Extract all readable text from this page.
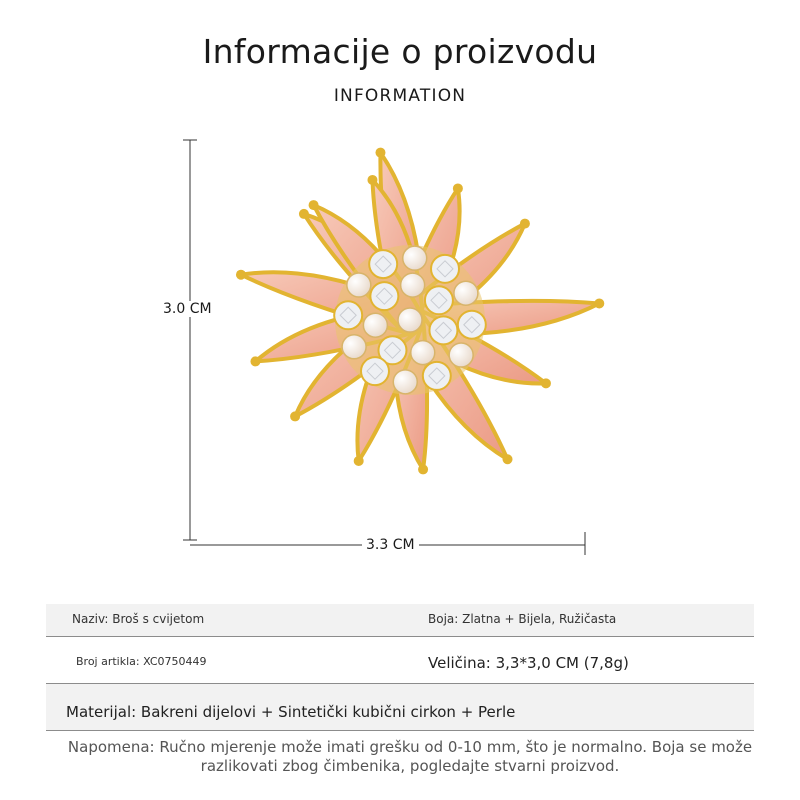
Informacije o proizvodu
INFORMATION
3.0 CM
3.3 CM
Naziv: Broš s cvijetom	Boja: Zlatna + Bijela, Ružičasta
Broj artikla: XC0750449	Veličina: 3,3*3,0 CM (7,8g)
Materijal: Bakreni dijelovi + Sintetički kubični cirkon + Perle
Napomena: Ručno mjerenje može imati grešku od 0-10 mm, što je normalno. Boja se može razlikovati zbog čimbenika, pogledajte stvarni proizvod.
